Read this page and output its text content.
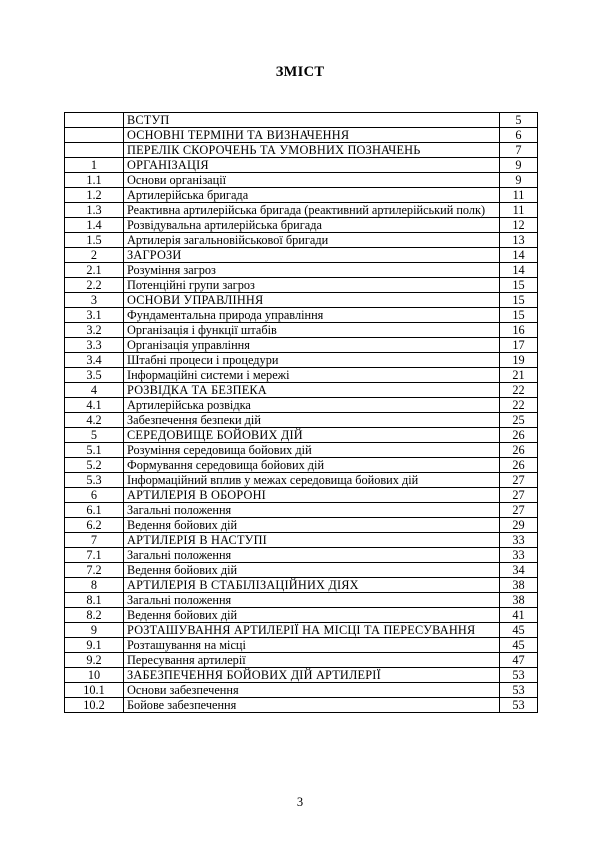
ЗМІСТ
	ВСТУП	5
	ОСНОВНІ ТЕРМІНИ ТА ВИЗНАЧЕННЯ	6
	ПЕРЕЛІК СКОРОЧЕНЬ ТА УМОВНИХ ПОЗНАЧЕНЬ	7
1	ОРГАНІЗАЦІЯ	9
1.1	Основи організації	9
1.2	Артилерійська бригада	11
1.3	Реактивна артилерійська бригада (реактивний артилерійський полк)	11
1.4	Розвідувальна артилерійська бригада	12
1.5	Артилерія загальновійськової бригади	13
2	ЗАГРОЗИ	14
2.1	Розуміння загроз	14
2.2	Потенційні групи загроз	15
3	ОСНОВИ УПРАВЛІННЯ	15
3.1	Фундаментальна природа управління	15
3.2	Організація і функції штабів	16
3.3	Організація управління	17
3.4	Штабні процеси і процедури	19
3.5	Інформаційні системи і мережі	21
4	РОЗВІДКА ТА БЕЗПЕКА	22
4.1	Артилерійська розвідка	22
4.2	Забезпечення безпеки дій	25
5	СЕРЕДОВИЩЕ БОЙОВИХ ДІЙ	26
5.1	Розуміння середовища бойових дій	26
5.2	Формування середовища бойових дій	26
5.3	Інформаційний вплив у межах середовища бойових дій	27
6	АРТИЛЕРІЯ В ОБОРОНІ	27
6.1	Загальні положення	27
6.2	Ведення бойових дій	29
7	АРТИЛЕРІЯ В НАСТУПІ	33
7.1	Загальні положення	33
7.2	Ведення бойових дій	34
8	АРТИЛЕРІЯ В СТАБІЛІЗАЦІЙНИХ ДІЯХ	38
8.1	Загальні положення	38
8.2	Ведення бойових дій	41
9	РОЗТАШУВАННЯ АРТИЛЕРІЇ НА МІСЦІ ТА ПЕРЕСУВАННЯ	45
9.1	Розташування на місці	45
9.2	Пересування артилерії	47
10	ЗАБЕЗПЕЧЕННЯ БОЙОВИХ ДІЙ АРТИЛЕРІЇ	53
10.1	Основи забезпечення	53
10.2	Бойове забезпечення	53
3
